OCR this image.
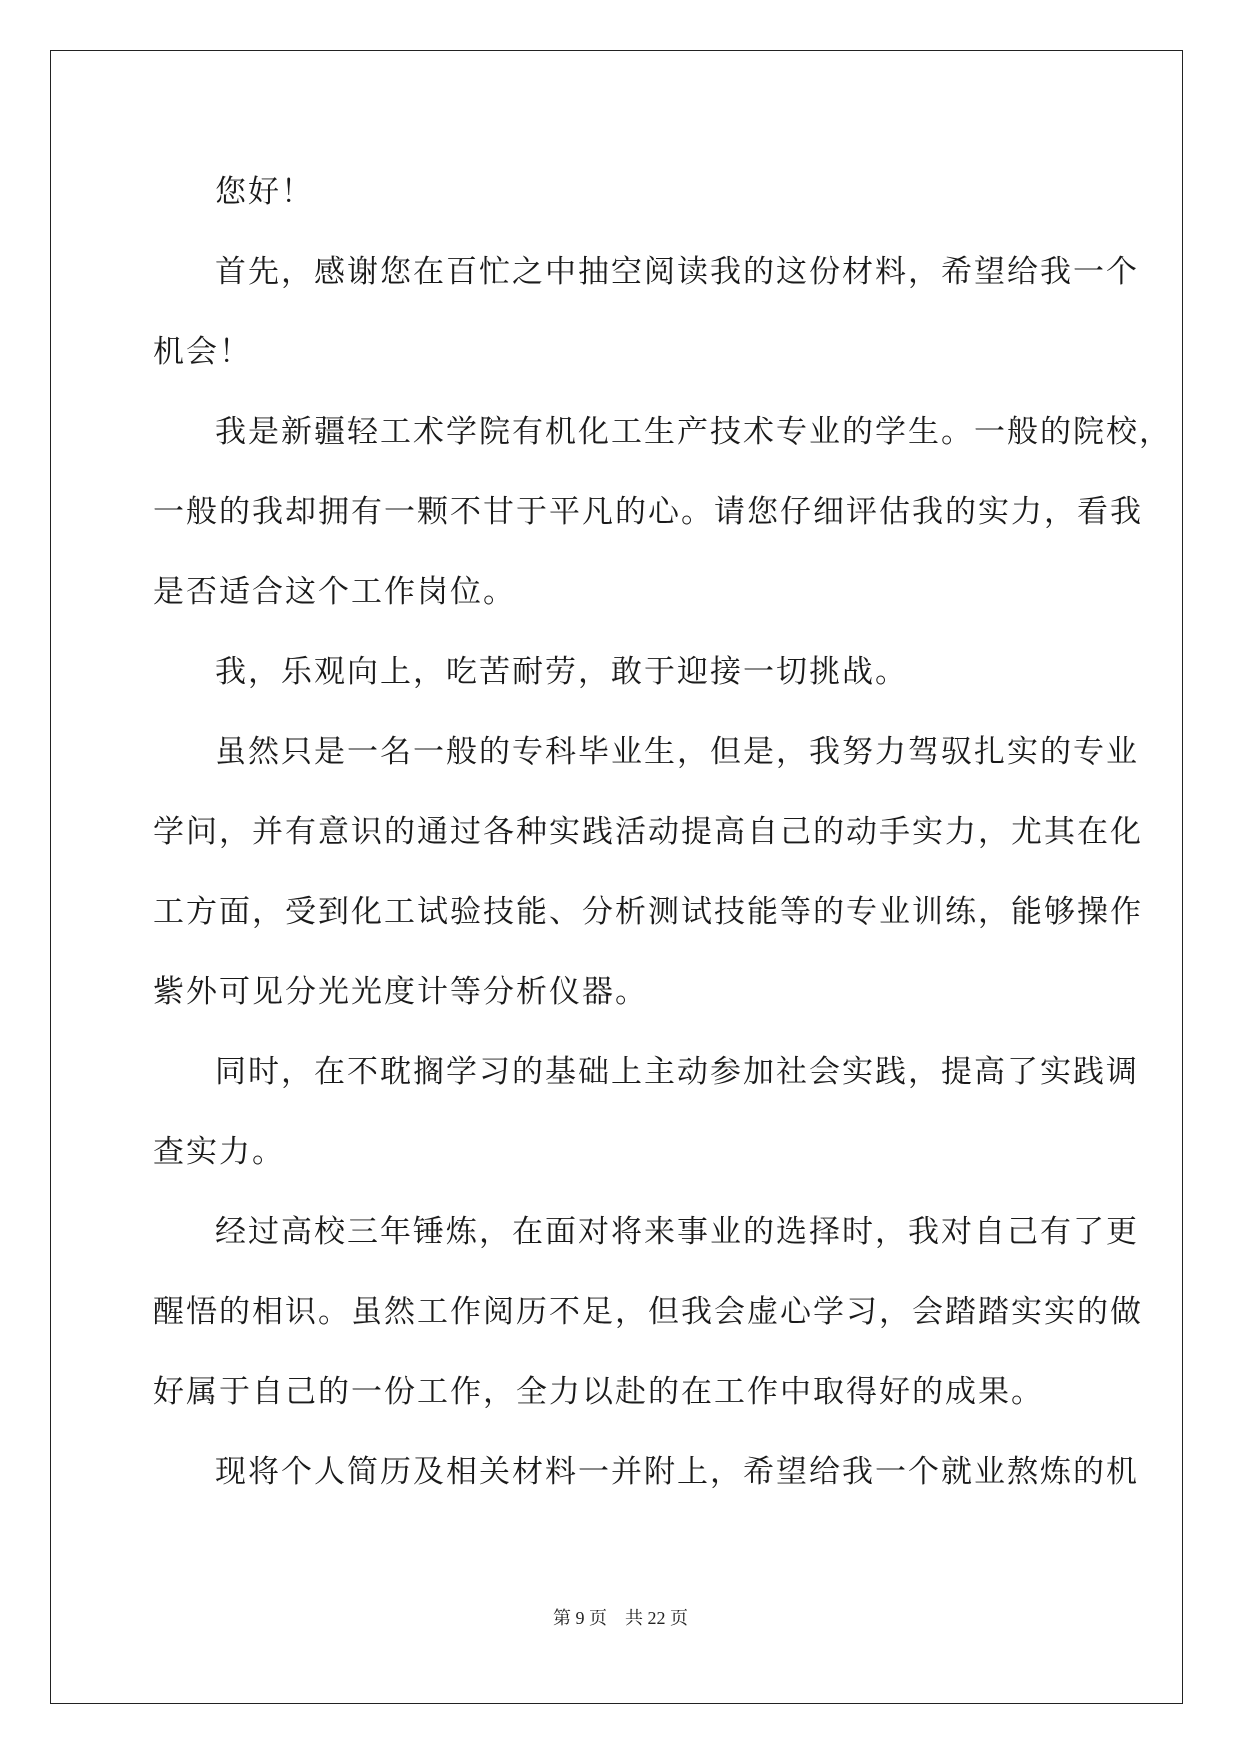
您好！

首先，感谢您在百忙之中抽空阅读我的这份材料，希望给我一个

机会！

我是新疆轻工术学院有机化工生产技术专业的学生。一般的院校，

一般的我却拥有一颗不甘于平凡的心。请您仔细评估我的实力，看我

是否适合这个工作岗位。

我，乐观向上，吃苦耐劳，敢于迎接一切挑战。

虽然只是一名一般的专科毕业生，但是，我努力驾驭扎实的专业

学问，并有意识的通过各种实践活动提高自己的动手实力，尤其在化

工方面，受到化工试验技能、分析测试技能等的专业训练，能够操作

紫外可见分光光度计等分析仪器。

同时，在不耽搁学习的基础上主动参加社会实践，提高了实践调

查实力。

经过高校三年锤炼，在面对将来事业的选择时，我对自己有了更

醒悟的相识。虽然工作阅历不足，但我会虚心学习，会踏踏实实的做

好属于自己的一份工作，全力以赴的在工作中取得好的成果。

现将个人简历及相关材料一并附上，希望给我一个就业熬炼的机

第 9 页　共 22 页
